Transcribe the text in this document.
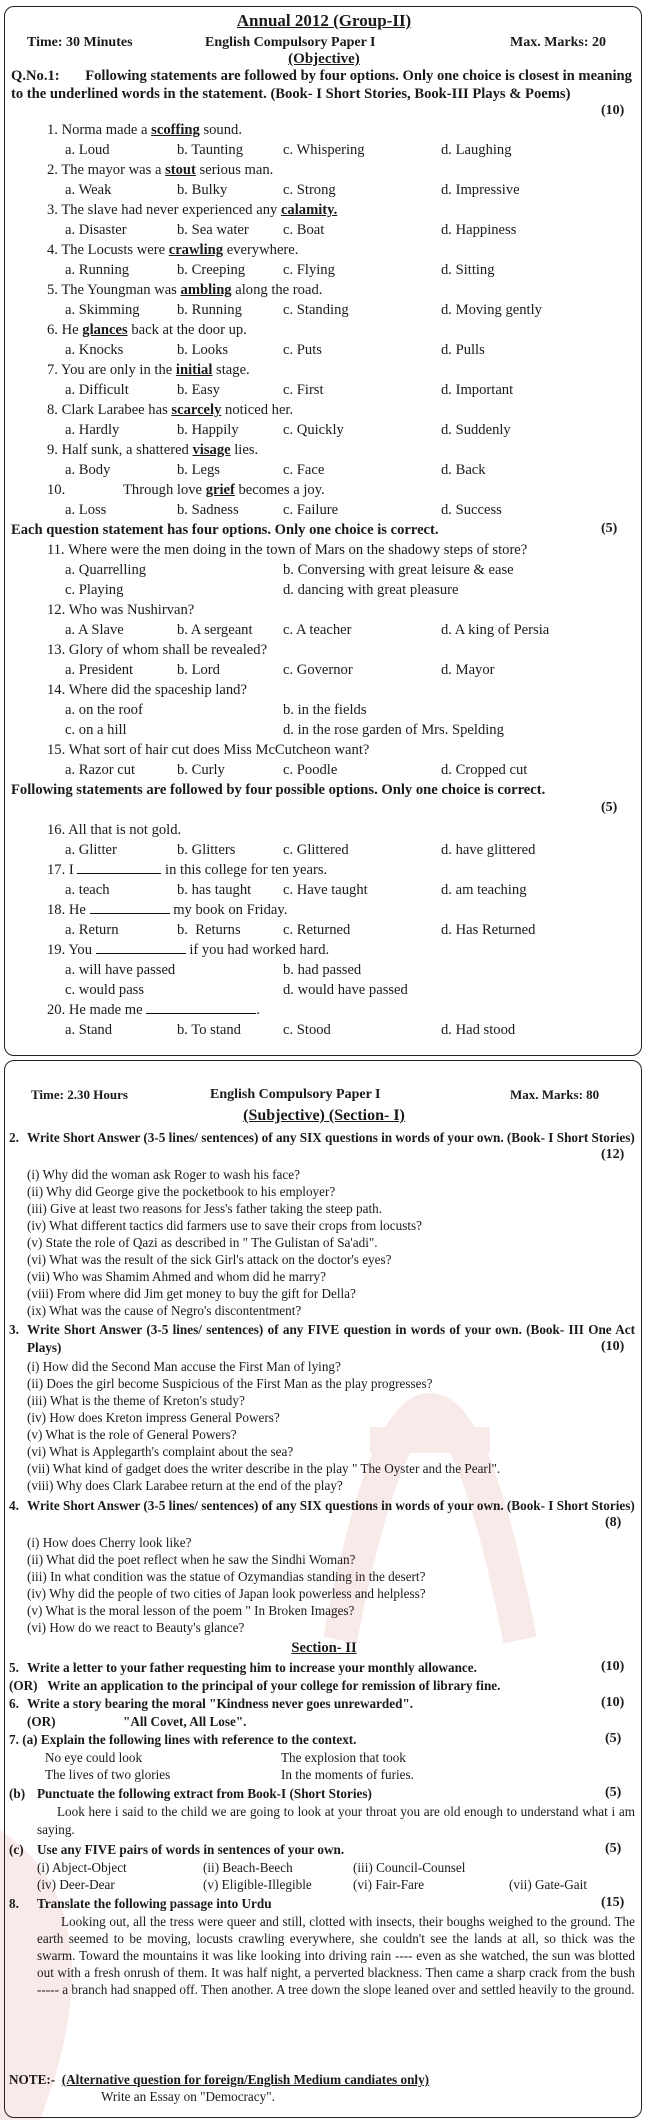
Annual 2012 (Group-II)
Time: 30 Minutes	English Compulsory Paper I	Max. Marks: 20
(Objective)
Q.No.1: Following statements are followed by four options. Only one choice is closest in meaning to the underlined words in the statement. (Book- I Short Stories, Book-III Plays & Poems)
(10)
1. Norma made a scoffing sound.
a. Loud	b. Taunting	c. Whispering	d. Laughing
2. The mayor was a stout serious man.
a. Weak	b. Bulky	c. Strong	d. Impressive
3. The slave had never experienced any calamity.
a. Disaster	b. Sea water c. Boat	d. Happiness
4. The Locusts were crawling everywhere.
a. Running	b. Creeping	c. Flying	d. Sitting
5. The Youngman was ambling along the road.
a. Skimming	b. Running	c. Standing	d. Moving gently
6. He glances back at the door up.
a. Knocks	b. Looks	c. Puts	d. Pulls
7. You are only in the initial stage.
a. Difficult	b. Easy	c. First	d. Important
8. Clark Larabee has scarcely noticed her.
a. Hardly	b. Happily	c. Quickly	d. Suddenly
9. Half sunk, a shattered visage lies.
a. Body	b. Legs	c. Face	d. Back
10.	Through love grief becomes a joy.
a. Loss	b. Sadness	c. Failure	d. Success
Each question statement has four options. Only one choice is correct.	(5)
11. Where were the men doing in the town of Mars on the shadowy steps of store?
a. Quarrelling	b. Conversing with great leisure & ease
c. Playing	d. dancing with great pleasure
12. Who was Nushirvan?
a. A Slave	b. A sergeant c. A teacher	d. A king of Persia
13. Glory of whom shall be revealed?
a. President	b. Lord	c. Governor	d. Mayor
14. Where did the spaceship land?
a. on the roof	b. in the fields
c. on a hill	d. in the rose garden of Mrs. Spelding
15. What sort of hair cut does Miss McCutcheon want?
a. Razor cut	b. Curly	c. Poodle	d. Cropped cut
Following statements are followed by four possible options. Only one choice is correct.
(5)
16. All that is not gold.
a. Glitter	b. Glitters	c. Glittered	d. have glittered
17. I	in this college for ten years.
a. teach	b. has taught c. Have taught	d. am teaching
18. He	my book on Friday.
a. Return	b.  Returns	c. Returned	d. Has Returned
19. You	if you had worked hard.
a. will have passed	b. had passed
c. would pass	d. would have passed
20. He made me	.
a. Stand	b. To stand	c. Stood	d. Had stood
Time: 2.30 Hours	English Compulsory Paper I	Max. Marks: 80
(Subjective) (Section- I)
2. Write Short Answer (3-5 lines/ sentences) of any SIX questions in words of your own. (Book- I Short Stories)
(12)
(i) Why did the woman ask Roger to wash his face?
(ii) Why did George give the pocketbook to his employer?
(iii) Give at least two reasons for Jess's father taking the steep path.
(iv) What different tactics did farmers use to save their crops from locusts?
(v) State the role of Qazi as described in " The Gulistan of Sa'adi".
(vi) What was the result of the sick Girl's attack on the doctor's eyes?
(vii) Who was Shamim Ahmed and whom did he marry?
(viii) From where did Jim get money to buy the gift for Della?
(ix) What was the cause of Negro's discontentment?
3. Write Short Answer (3-5 lines/ sentences) of any FIVE question in words of your own. (Book- III One Act Plays)	(10)
(i) How did the Second Man accuse the First Man of lying?
(ii) Does the girl become Suspicious of the First Man as the play progresses?
(iii) What is the theme of Kreton's study?
(iv) How does Kreton impress General Powers?
(v) What is the role of General Powers?
(vi) What is Applegarth's complaint about the sea?
(vii) What kind of gadget does the writer describe in the play " The Oyster and the Pearl".
(viii) Why does Clark Larabee return at the end of the play?
4. Write Short Answer (3-5 lines/ sentences) of any SIX questions in words of your own. (Book- I Short Stories)
(8)
(i) How does Cherry look like?
(ii) What did the poet reflect when he saw the Sindhi Woman?
(iii) In what condition was the statue of Ozymandias standing in the desert?
(iv) Why did the people of two cities of Japan look powerless and helpless?
(v) What is the moral lesson of the poem " In Broken Images?
(vi) How do we react to Beauty's glance?
Section- II
5. Write a letter to your father requesting him to increase your monthly allowance.	(10)
(OR)   Write an application to the principal of your college for remission of library fine.
6. Write a story bearing the moral "Kindness never goes unrewarded".	(10)
(OR)	"All Covet, All Lose".
7. (a) Explain the following lines with reference to the context.	(5)
No eye could look	The explosion that took
The lives of two glories	In the moments of furies.
(b) Punctuate the following extract from Book-I (Short Stories)	(5)
Look here i said to the child we are going to look at your throat you are old enough to understand what i am saying.
(c) Use any FIVE pairs of words in sentences of your own.	(5)
(i) Abject-Object	(ii) Beach-Beech	(iii) Council-Counsel
(iv) Deer-Dear	(v) Eligible-Illegible	(vi) Fair-Fare	(vii) Gate-Gait
8. Translate the following passage into Urdu	(15)
Looking out, all the tress were queer and still, clotted with insects, their boughs weighed to the ground. The earth seemed to be moving, locusts crawling everywhere, she couldn't see the lands at all, so thick was the swarm. Toward the mountains it was like looking into driving rain ---- even as she watched, the sun was blotted out with a fresh onrush of them. It was half night, a perverted blackness. Then came a sharp crack from the bush ----- a branch had snapped off. Then another. A tree down the slope leaned over and settled heavily to the ground.
NOTE:-  (Alternative question for foreign/English Medium candiates only)
Write an Essay on "Democracy".
